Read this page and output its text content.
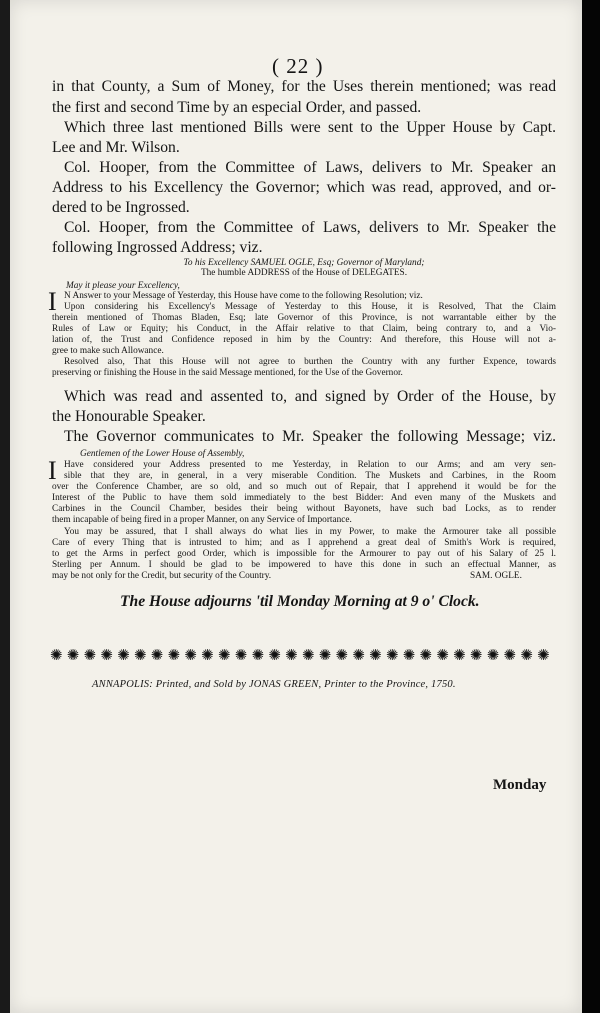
( 22 )

in that County, a Sum of Money, for the Uses therein mentioned; was read

the first and second Time by an especial Order, and passed.

Which three last mentioned Bills were sent to the Upper House by Capt.

Lee and Mr. Wilson.

Col. Hooper, from the Committee of Laws, delivers to Mr. Speaker an

Address to his Excellency the Governor; which was read, approved, and or-

dered to be Ingrossed.

Col. Hooper, from the Committee of Laws, delivers to Mr. Speaker the

following Ingrossed Address; viz.

To his Excellency SAMUEL OGLE, Esq; Governor of Maryland;

The humble ADDRESS of the House of DELEGATES.

May it please your Excellency,

I N Answer to your Message of Yesterday, this House have come to the following Resolution; viz.

Upon considering his Excellency's Message of Yesterday to this House, it is Resolved, That the Claim

therein mentioned of Thomas Bladen, Esq; late Governor of this Province, is not warrantable either by the

Rules of Law or Equity; his Conduct, in the Affair relative to that Claim, being contrary to, and a Vio-

lation of, the Trust and Confidence reposed in him by the Country: And therefore, this House will not a-

gree to make such Allowance.

Resolved also, That this House will not agree to burthen the Country with any further Expence, towards

preserving or finishing the House in the said Message mentioned, for the Use of the Governor.

Which was read and assented to, and signed by Order of the House, by

the Honourable Speaker.

The Governor communicates to Mr. Speaker the following Message; viz.

Gentlemen of the Lower House of Assembly,

I Have considered your Address presented to me Yesterday, in Relation to our Arms; and am very sen-

sible that they are, in general, in a very miserable Condition. The Muskets and Carbines, in the Room

over the Conference Chamber, are so old, and so much out of Repair, that I apprehend it would be for the

Interest of the Public to have them sold immediately to the best Bidder: And even many of the Muskets and

Carbines in the Council Chamber, besides their being without Bayonets, have such bad Locks, as to render

them incapable of being fired in a proper Manner, on any Service of Importance.

You may be assured, that I shall always do what lies in my Power, to make the Armourer take all possible

Care of every Thing that is intrusted to him; and as I apprehend a great deal of Smith's Work is required,

to get the Arms in perfect good Order, which is impossible for the Armourer to pay out of his Salary of 25 l.

Sterling per Annum. I should be glad to be impowered to have this done in such an effectual Manner, as

may be not only for the Credit, but security of the Country.	SAM. OGLE.

The House adjourns 'til Monday Morning at 9 o' Clock.

✺ ✺ ✺ ✺ ✺ ✺ ✺ ✺ ✺ ✺ ✺ ✺ ✺ ✺ ✺ ✺ ✺ ✺ ✺ ✺ ✺ ✺ ✺ ✺ ✺ ✺ ✺ ✺ ✺ ✺

ANNAPOLIS: Printed, and Sold by JONAS GREEN, Printer to the Province, 1750.

Monday
